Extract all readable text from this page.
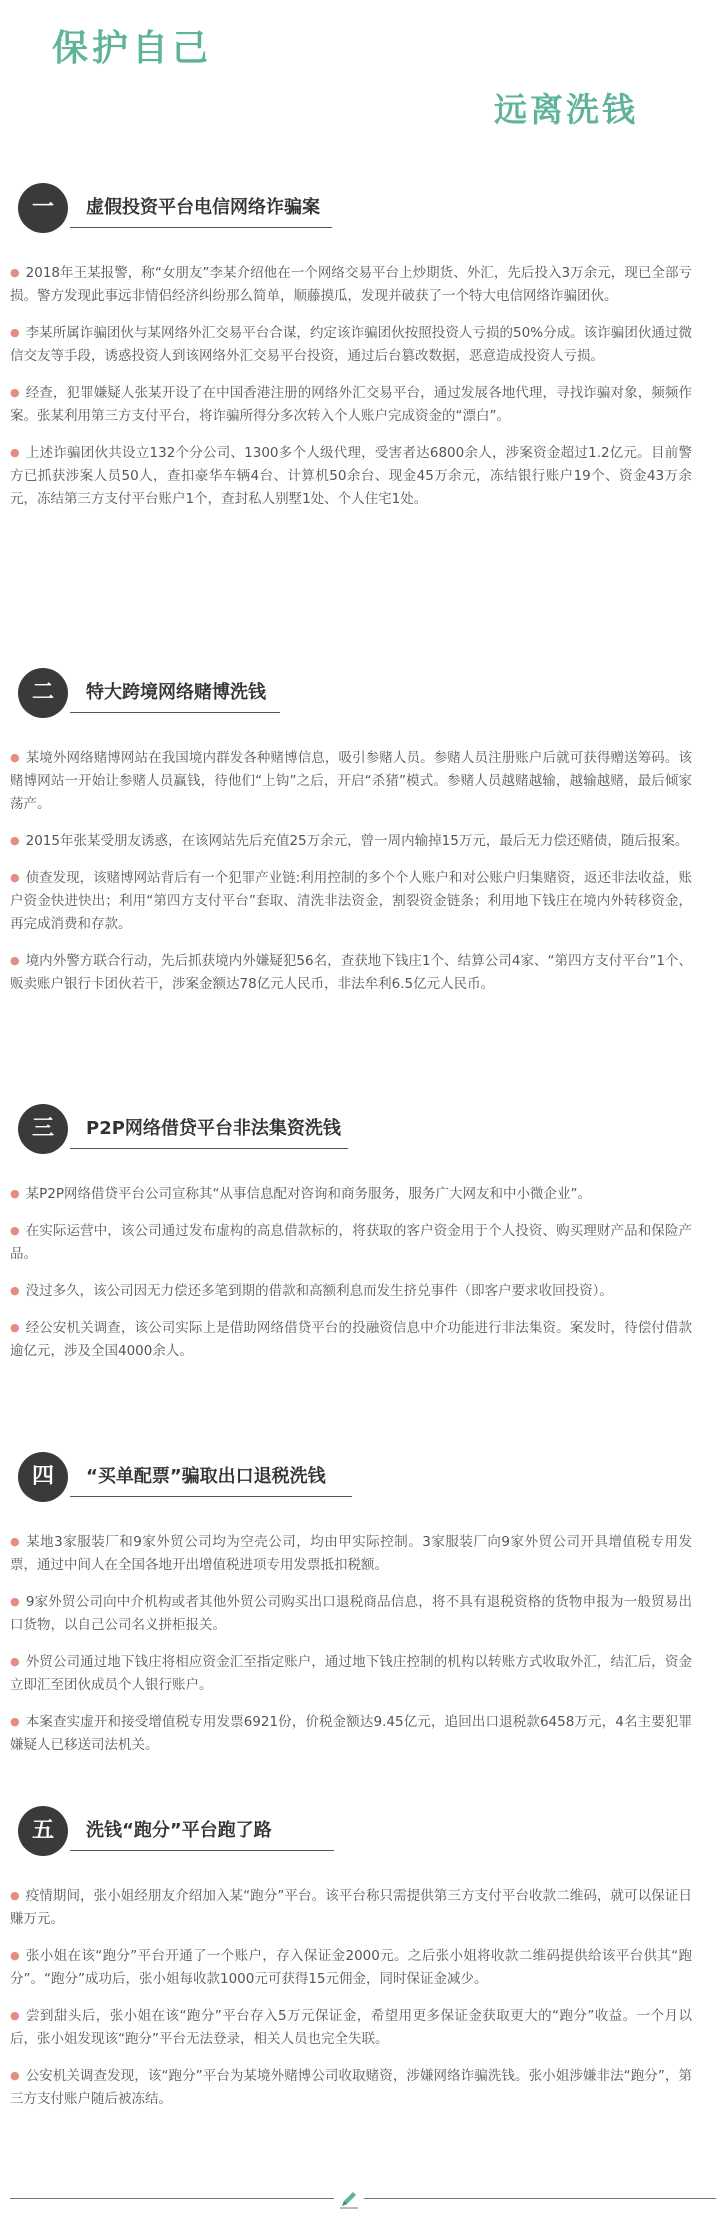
保护自己
远离洗钱
一	虚假投资平台电信网络诈骗案

● 2018年王某报警，称“女朋友”李某介绍他在一个网络交易平台上炒期货、外汇，先后投入3万余元，现已全部亏损。警方发现此事远非情侣经济纠纷那么简单，顺藤摸瓜，发现并破获了一个特大电信网络诈骗团伙。

● 李某所属诈骗团伙与某网络外汇交易平台合谋，约定该诈骗团伙按照投资人亏损的50%分成。该诈骗团伙通过微信交友等手段，诱惑投资人到该网络外汇交易平台投资，通过后台篡改数据，恶意造成投资人亏损。

● 经查，犯罪嫌疑人张某开设了在中国香港注册的网络外汇交易平台，通过发展各地代理，寻找诈骗对象，频频作案。张某利用第三方支付平台，将诈骗所得分多次转入个人账户完成资金的“漂白”。

● 上述诈骗团伙共设立132个分公司、1300多个人级代理，受害者达6800余人，涉案资金超过1.2亿元。目前警方已抓获涉案人员50人，查扣豪华车辆4台、计算机50余台、现金45万余元，冻结银行账户19个、资金43万余元，冻结第三方支付平台账户1个，查封私人别墅1处、个人住宅1处。

二	特大跨境网络赌博洗钱

● 某境外网络赌博网站在我国境内群发各种赌博信息，吸引参赌人员。参赌人员注册账户后就可获得赠送筹码。该赌博网站一开始让参赌人员赢钱，待他们“上钩”之后，开启“杀猪”模式。参赌人员越赌越输，越输越赌，最后倾家荡产。

● 2015年张某受朋友诱惑，在该网站先后充值25万余元，曾一周内输掉15万元，最后无力偿还赌债，随后报案。

● 侦查发现，该赌博网站背后有一个犯罪产业链:利用控制的多个个人账户和对公账户归集赌资，返还非法收益，账户资金快进快出；利用“第四方支付平台”套取、清洗非法资金，割裂资金链条；利用地下钱庄在境内外转移资金，再完成消费和存款。

● 境内外警方联合行动，先后抓获境内外嫌疑犯56名，查获地下钱庄1个、结算公司4家、“第四方支付平台”1个、贩卖账户银行卡团伙若干，涉案金额达78亿元人民币，非法牟利6.5亿元人民币。

三	P2P网络借贷平台非法集资洗钱

● 某P2P网络借贷平台公司宣称其“从事信息配对咨询和商务服务，服务广大网友和中小微企业”。

● 在实际运营中，该公司通过发布虚构的高息借款标的，将获取的客户资金用于个人投资、购买理财产品和保险产品。

● 没过多久，该公司因无力偿还多笔到期的借款和高额利息而发生挤兑事件（即客户要求收回投资）。

● 经公安机关调查，该公司实际上是借助网络借贷平台的投融资信息中介功能进行非法集资。案发时，待偿付借款逾亿元，涉及全国4000余人。

四	“买单配票”骗取出口退税洗钱

● 某地3家服装厂和9家外贸公司均为空壳公司，均由甲实际控制。3家服装厂向9家外贸公司开具增值税专用发票，通过中间人在全国各地开出增值税进项专用发票抵扣税额。

● 9家外贸公司向中介机构或者其他外贸公司购买出口退税商品信息，将不具有退税资格的货物申报为一般贸易出口货物，以自己公司名义拼柜报关。

● 外贸公司通过地下钱庄将相应资金汇至指定账户，通过地下钱庄控制的机构以转账方式收取外汇，结汇后，资金立即汇至团伙成员个人银行账户。

● 本案查实虚开和接受增值税专用发票6921份，价税金额达9.45亿元，追回出口退税款6458万元，4名主要犯罪嫌疑人已移送司法机关。

五	洗钱“跑分”平台跑了路

● 疫情期间，张小姐经朋友介绍加入某“跑分”平台。该平台称只需提供第三方支付平台收款二维码，就可以保证日赚万元。

● 张小姐在该“跑分”平台开通了一个账户，存入保证金2000元。之后张小姐将收款二维码提供给该平台供其“跑分”。“跑分”成功后，张小姐每收款1000元可获得15元佣金，同时保证金减少。

● 尝到甜头后，张小姐在该“跑分”平台存入5万元保证金，希望用更多保证金获取更大的“跑分”收益。一个月以后，张小姐发现该“跑分”平台无法登录，相关人员也完全失联。

● 公安机关调查发现，该“跑分”平台为某境外赌博公司收取赌资，涉嫌网络诈骗洗钱。张小姐涉嫌非法“跑分”，第三方支付账户随后被冻结。
